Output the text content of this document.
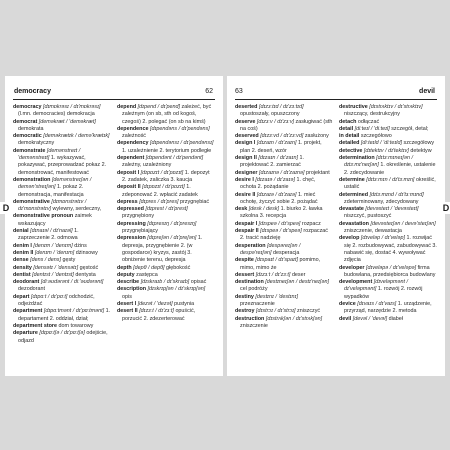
democracy	62
democracy [dɪmɒkrəsɪ / dɪ'mɒkrəsɪ] (l.mn. democracies) demokracja
democrat [deməkræt / 'deməkræt] demokrata
democratic [deməkrætɪk / demə'krætɪk] demokratyczny
demonstrate [demənstreɪt / 'demənstreɪt] 1. wykazywać, pokazywać, przeprowadzać pokaz 2. demonstrować, manifestować
demonstration [demənstreɪʃən / demən'streɪʃən] 1. pokaz 2. demonstracja, manifestacja
demonstrative [dɪmɒnstrətɪv / dɪ'mɒnstrətɪv] wylewny, serdeczny,
demonstrative pronoun zaimek wskazujący
denial [dɪnaɪəl / dɪ'naɪəl] 1. zaprzeczenie 2. odmowa
denim I [denɪm / 'denɪm] dżins
denim II [denɪm / 'denɪm] dżinsowy
dense [dens / dens] gęsty
density [densətɪ / 'densətɪ] gęstość
dentist [dentɪst / 'dentɪst] dentysta
deodorant [diːəʊdərənt / diː'əʊdərənt] dezodorant
depart [dɪpɑːt / dɪ'pɑːt] odchodzić, odjeżdżać
department [dɪpɑːtmənt / dɪ'pɑːtmənt] 1. departament 2. oddział, dział;
department store dom towarowy
departure [dɪpɑːtʃə / dɪ'pɑːtʃə] odejście, odjazd
depend [dɪpend / dɪ'pend] zależeć, być zależnym (on sb, sth od kogoś, czegoś) 2. polegać (on sb na kimś)
dependence [dɪpendəns / dɪ'pendəns] zależność
dependency [dɪpendənsɪ / dɪ'pendənsɪ] 1. uzależnienie 2. terytorium podległe
dependent [dɪpendənt / dɪ'pendənt] zależny, uzależniony
deposit I [dɪpɒzɪt / dɪ'pɒzɪt] 1. depozyt 2. zadatek, zaliczka 3. kaucja
deposit II [dɪpɒzɪt / dɪ'pɒzɪt] 1. zdeponować 2. wpłacić zadatek
depress [dɪpres / dɪ'pres] przygnębiać
depressed [dɪprest / dɪ'prest] przygnębiony
depressing [dɪpresɪŋ / dɪ'presɪŋ] przygnębiający
depression [dɪpreʃən / dɪ'preʃən] 1. depresja, przygnębienie 2. (w gospodarce) kryzys, zastój 3. obniżenie terenu, depresja
depth [depθ / depθ] głębokość
deputy zastępca
describe [dɪskraɪb / dɪ'skraɪb] opisać
description [dɪskrɪpʃən / dɪ'skrɪpʃən] opis
desert I [dezət / 'dezət] pustynia
desert II [dɪzɜːt / dɪ'zɜːt] opuścić, porzucić 2. zdezerterować
63	devil
deserted [dɪzɜːtɪd / dɪ'zɜːtɪd] opustoszały, opuszczony
deserve [dɪzɜːv / dɪ'zɜːv] zasługiwać (sth na coś)
deserved [dɪzɜːvd / dɪ'zɜːvd] zasłużony
design I [dɪzaɪn / dɪ'zaɪn] 1. projekt, plan 2. deseń, wzór
design II [dɪzaɪn / dɪ'zaɪn] 1. projektować 2. zamierzać
designer [dɪzaɪnə / dɪ'zaɪnə] projektant
desire I [dɪzaɪə / dɪ'zaɪə] 1. chęć, ochota 2. pożądanie
desire II [dɪzaɪə / dɪ'zaɪə] 1. mieć ochotę, życzyć sobie 2. pożądać
desk [desk / desk] 1. biurko 2. ławka szkolna 3. recepcja
despair I [dɪspeə / dɪ'speə] rozpacz
despair II [dɪspeə / dɪ'speə] rozpaczać 2. tracić nadzieję
desperation [despəreɪʃən / despə'reɪʃən] desperacja
despite [dɪspaɪt / dɪ'spaɪt] pomimo, mimo, mimo że
dessert [dɪzɜːt / dɪ'zɜːt] deser
destination [destɪneɪʃən / destɪ'neɪʃən] cel podróży
destiny [destɪnɪ / 'destɪnɪ] przeznaczenie
destroy [dɪstrɔɪ / dɪ'strɔɪ] zniszczyć
destruction [dɪstrʌkʃən / dɪ'strʌkʃən] zniszczenie
destructive [dɪstrʌktɪv / dɪ'strʌktɪv] niszczący, destrukcyjny
detach odłączać
detail [diːteɪl / 'diːteɪl] szczegół, detal;
in detail szczegółowo
detailed [diːteɪld / 'diːteɪld] szczegółowy
detective [dɪtektɪv / dɪ'tektɪv] detektyw
determination [dɪtɜːmɪneɪʃən / dɪtɜːmɪ'neɪʃən] 1. określenie, ustalenie 2. zdecydowanie
determine [dɪtɜːmɪn / dɪ'tɜːmɪn] określić, ustalić
determined [dɪtɜːmɪnd / dɪ'tɜːmɪnd] zdeterminowany, zdecydowany
devastate [devəsteɪt / 'devəsteɪt] niszczyć, pustoszyć
devastation [devəsteɪʃən / devə'steɪʃən] zniszczenie, dewastacja
develop [dɪveləp / dɪ'veləp] 1. rozwijać się 2. rozbudowywać, zabudowywać 3. nabawić się, dostać 4. wywoływać zdjęcia
developer [dɪveləpə / dɪ'veləpə] firma budowlana, przedsiębiorca budowlany
development [dɪveləpmənt / dɪ'veləpmənt] 1. rozwój 2. rozwój wypadków
device [dɪvaɪs / dɪ'vaɪs] 1. urządzenie, przyrząd, narzędzie 2. metoda
devil [devəl / 'devəl] diabeł
D	D
